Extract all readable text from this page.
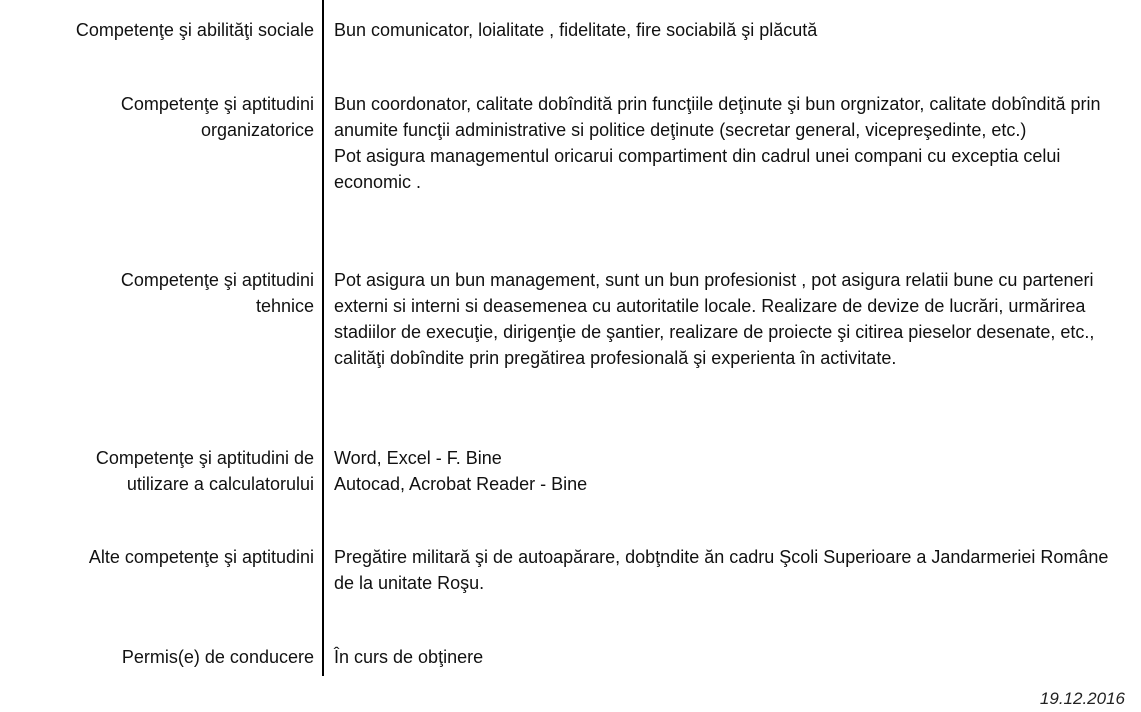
Competenţe şi abilităţi sociale Bun comunicator, loialitate , fidelitate, fire sociabilă şi plăcută

Competenţe şi aptitudini
organizatorice

Bun coordonator, calitate dobîndită prin funcţiile deţinute şi bun orgnizator, calitate dobîndită prin anumite funcţii administrative si politice deţinute (secretar general, vicepreşedinte, etc.)

Pot asigura managementul oricarui compartiment din cadrul unei compani cu exceptia celui economic .

Competenţe şi aptitudini
tehnice

Pot asigura un bun management, sunt un bun profesionist , pot asigura relatii bune cu parteneri externi si interni si deasemenea cu autoritatile locale. Realizare de devize de lucrări, urmărirea stadiilor de execuţie, dirigenţie de şantier, realizare de proiecte şi citirea pieselor desenate, etc., calităţi dobîndite prin pregătirea profesională şi experienta în activitate.

Competenţe şi aptitudini de
utilizare a calculatorului

Word, Excel - F. Bine

Autocad, Acrobat Reader - Bine

Alte competenţe şi aptitudini Pregătire militară şi de autoapărare, dobţndite ăn cadru Şcoli Superioare a Jandarmeriei Române de la unitate Roşu.

Permis(e) de conducere În curs de obţinere

19.12.2016
